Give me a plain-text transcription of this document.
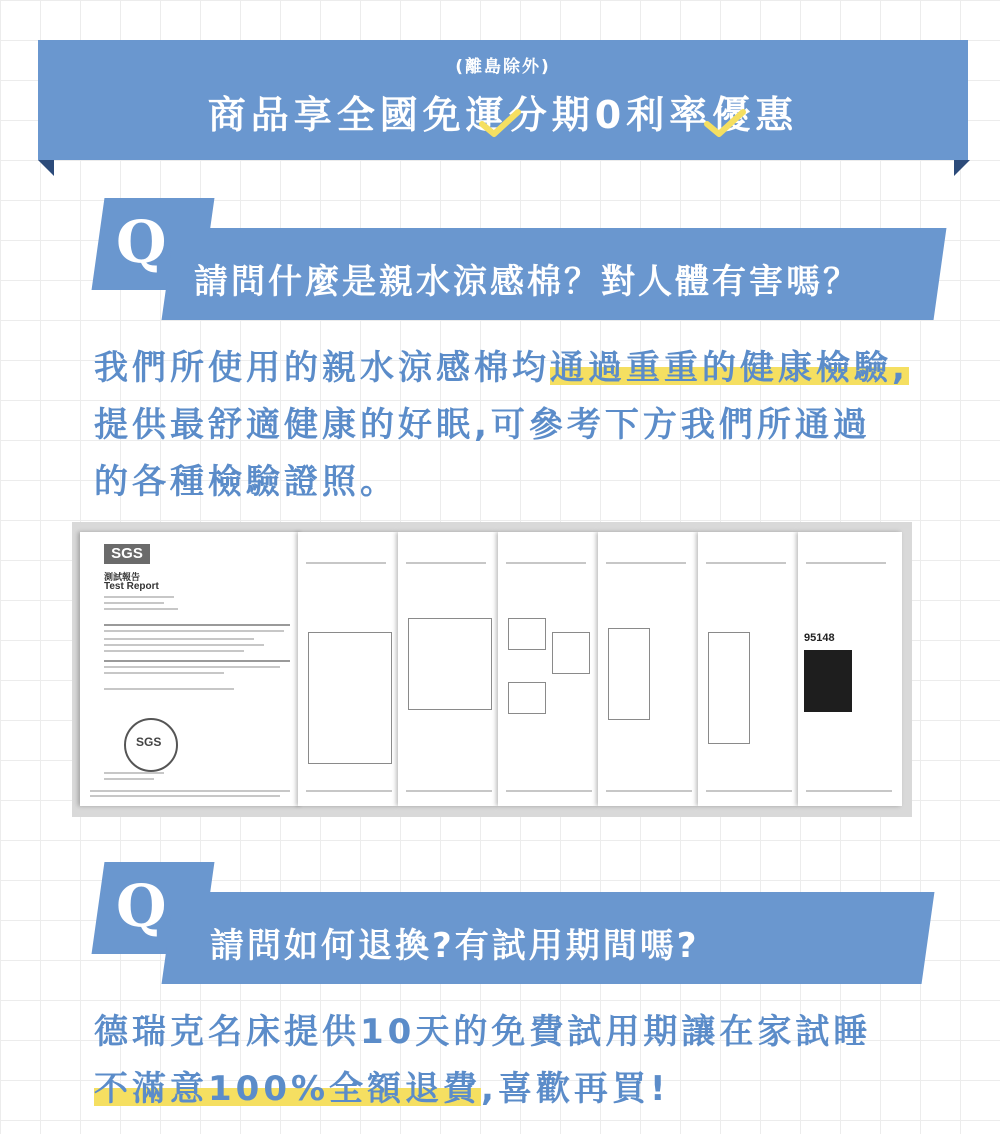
(離島除外)
商品享全國免運分期0利率優惠
Q
請問什麼是親水涼感棉？對人體有害嗎？
我們所使用的親水涼感棉均通過重重的健康檢驗,
提供最舒適健康的好眠,可參考下方我們所通過
的各種檢驗證照。
SGS
測試報告
Test Report
SGS
95148
Q
請問如何退換?有試用期間嗎?
德瑞克名床提供10天的免費試用期讓在家試睡
不滿意100%全額退費,喜歡再買!
